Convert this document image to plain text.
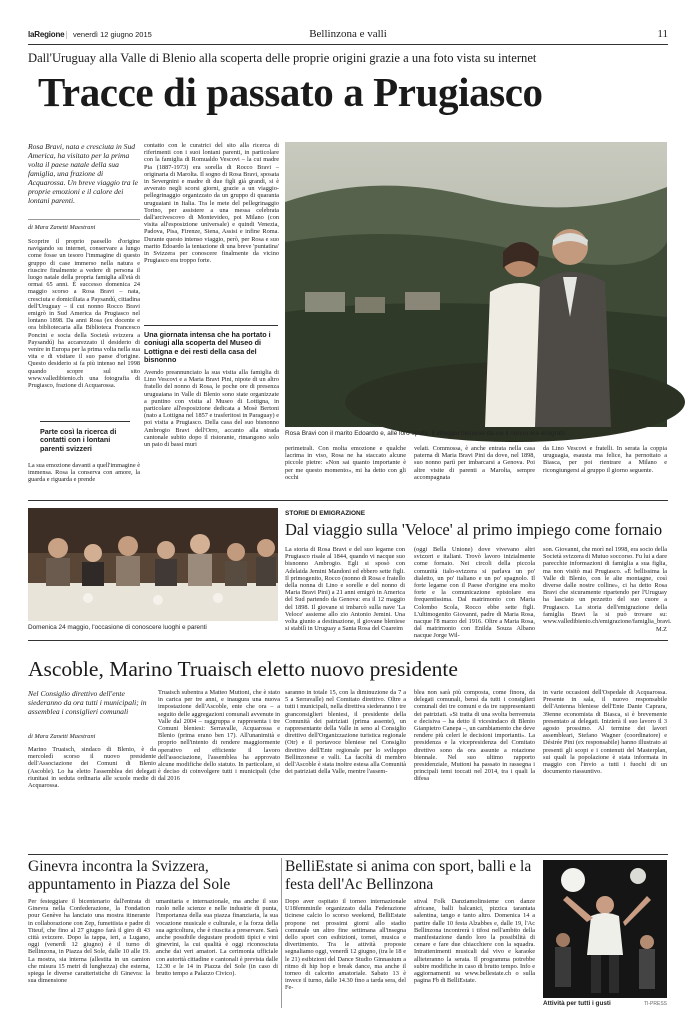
laRegione | venerdì 12 giugno 2015	Bellinzona e valli	11
Dall'Uruguay alla Valle di Blenio alla scoperta delle proprie origini grazie a una foto vista su internet
Tracce di passato a Prugiasco
Rosa Bravi, nata e cresciuta in Sud America, ha visitato per la prima volta il paese natale della sua famiglia, una frazione di Acquarossa. Un breve viaggio tra le proprie emozioni e il calore dei lontani parenti.
di Mara Zanetti Maestrani
Scoprire il proprio paesello d'origine navigando su internet, conservare a lungo come fosse un tesoro l'immagine di questo gruppo di case immerso nella natura e riuscire finalmente a vedere di persona il luogo natale della propria famiglia all'età di ormai 65 anni. È successo domenica 24 maggio scorso a Rosa Bravi – nata, cresciuta e domiciliata a Paysandú, cittadina dell'Uruguay – il cui nonno Rocco Bravi emigrò in Sud America da Prugiasco nel lontano 1898. Da anni Rosa (ex docente e ora bibliotecaria alla Biblioteca Francesco Poncini e socia della Società svizzera a Paysandú) ha accarezzato il desiderio di venire in Europa per la prima volta nella sua vita e di visitare il suo paese d'origine. Questo desiderio si fa più intenso nel 1998 quando scopre sul sito www.valledibienio.ch una fotografia di Prugiasco, frazione di Acquarossa.
Parte così la ricerca di contatti con i lontani parenti svizzeri
La sua emozione davanti a quell'immagine è immensa. Rosa la conserva con amore, la guarda e riguarda e prende
contatto con le curatrici del sito alla ricerca di riferimenti con i suoi lontani parenti, in particolare con la famiglia di Romualdo Vescovi – la cui madre Pia (1887-1973) era sorella di Rocco Bravi – originaria di Marolta. Il sogno di Rosa Bravi, sposata in Severgnini e madre di due figli già grandi, si è avverato negli scorsi giorni, grazie a un viaggio-pellegrinaggio organizzato da un gruppo di quaranta uruguaiani in Italia. Tra le mete del pellegrinaggio Torino, per assistere a una messa celebrata dall'arcivescovo di Montevideo, poi Milano (con visita all'esposizione universale) e quindi Venezia, Padova, Pisa, Firenze, Siena, Assisi e infine Roma. Durante questo intenso viaggio, però, per Rosa e suo marito Edoardo la tentazione di una breve 'puntatina' in Svizzera per conoscere finalmente da vicino Prugiasco era troppo forte.
Una giornata intensa che ha portato i coniugi alla scoperta del Museo di Lottigna e dei resti della casa del bisnonno
Avendo preannunciato la sua visita alla famiglia di Lino Vescovi e a Maria Bravi Pini, nipote di un altro fratello del nonno di Rosa, le poche ore di presenza uruguaiana in Valle di Blenio sono state organizzate a puntino con visita al Museo di Lottigna, in particolare all'esposizione dedicata a Mosè Bertoni (nato a Lottigna nel 1857 e trasferitosi in Paraguay) e poi visita a Prugiasco. Della casa del suo bisnonno Ambrogio Bravi dell'Orro, accanto alla strada cantonale subito dopo il ristorante, rimangono solo un paio di bassi muri
Rosa Bravi con il marito Edoardo e, alle loro spalle, il villaggio bleniese da cui il nonno era emigrato
perimetrali. Con molta emozione e qualche lacrima in viso, Rosa ne ha staccato alcune piccole pietre: «Non sai quanto importante è per me questo momento», mi ha detto con gli occhi
velati. Commossa, è anche entrata nella casa paterna di Maria Bravi Pini da dove, nel 1898, suo nonno partì per imbarcarsi a Genova. Poi altre visite di parenti a Marolta, sempre accompagnata
da Lino Vescovi e fratelli. In serata la coppia uruguagia, esausta ma felice, ha pernottato a Biasca, per poi rientrare a Milano e ricongiungersi al gruppo il giorno seguente.
Domenica 24 maggio, l'occasione di conoscere luoghi e parenti
STORIE DI EMIGRAZIONE
Dal viaggio sulla 'Veloce' al primo impiego come fornaio
La storia di Rosa Bravi e del suo legame con Prugiasco risale al 1844, quando vi nacque suo bisnonno Ambrogio. Egli si sposò con Adelaida Jemini Mandoni ed ebbero sette figli. Il primogenito, Rocco (nonno di Rosa e fratello della nonna di Lino e sorelle e del nonno di Maria Bravi Pini) a 21 anni emigrò in America del Sud partendo da Genova: era il 12 maggio del 1898. Il giovane si imbarcò sulla nave 'La Veloce' assieme allo zio Antonio Jemini. Una volta giunto a destinazione, il giovane bleniese si stabilì in Uruguay a Santa Rosa del Cuareim
(oggi Bella Unione) dove vivevano altri svizzeri e italiani. Trovò lavoro inizialmente come fornaio. Nei circoli della piccola comunità italo-svizzera si parlava un po' dialetto, un po' italiano e un po' spagnolo. Il forte legame con il Paese d'origine era molto forte e la comunicazione epistolare era frequentissima. Dal matrimonio con Maria Colombo Scola, Rocco ebbe sette figli. L'ultimogenito Giovanni, padre di Maria Rosa, nacque l'8 marzo del 1916. Oltre a Maria Rosa, dal matrimonio con Enilda Souza Albano nacque Jorge Wil-
son. Giovanni, che morì nel 1998, era socio della Società svizzera di Mutuo soccorso. Fu lui a dare parecchie informazioni di famiglia a sua figlia, ma non visitò mai Prugiasco. «È bellissima la Valle di Blenio, con le alte montagne, così diverse dalle nostre colline», ci ha detto Rosa Bravi che sicuramente ripartendo per l'Uruguay ha lasciato un pezzetto del suo cuore a Prugiasco. La storia dell'emigrazione della famiglia Bravi la si può trovare su: www.valledibienio.ch/emigrazione/famiglia_bravi.
M.Z
Ascoble, Marino Truaisch eletto nuovo presidente
Nel Consiglio direttivo dell'ente siederanno da ora tutti i municipali; in assemblea i consiglieri comunali
di Mara Zanetti Maestrani
Marino Truaisch, sindaco di Blenio, è da mercoledì scorso il nuovo presidente dell'Associazione dei Comuni di Blenio (Ascoble). Lo ha eletto l'assemblea dei delegati riunitasi in seduta ordinaria alle scuole medie di Acquarossa.
Truaisch subentra a Matteo Muttoni, che è stato in carica per tre anni, e inaugura una nuova impostazione dell'Ascoble, ente che ora – a seguito delle aggregazioni comunali avvenute in Valle dal 2004 – raggruppa e rappresenta i tre Comuni bleniesi: Serravalle, Acquarossa e Blenio (prima erano ben 17). All'unanimità e proprio nell'intento di rendere maggiormente operativo ed efficiente il lavoro dell'associazione, l'assemblea ha approvato alcune modifiche dello statuto. In particolare, si è deciso di coinvolgere tutti i municipali (che dal 2016
saranno in totale 15, con la diminuzione da 7 a 5 a Serravalle) nel Comitato direttivo. Oltre a tutti i municipali, nella direttiva siederanno i tre granconsiglieri bleniesi, il presidente della Comunità dei patriziati (prima assente), un rappresentante della Valle in seno al Consiglio direttivo dell'Organizzazione turistica regionale (Otr) e il portavoce bleniese nel Consiglio direttivo dell'Ente regionale per lo sviluppo Bellinzonese e valli. La facoltà di membro dell'Ascoble è stata inoltre estesa alla Comunità dei patriziati della Valle, mentre l'assem-
blea non sarà più composta, come finora, da delegati comunali, bensì da tutti i consiglieri comunali dei tre comuni e da tre rappresentanti dei patriziati. «Si tratta di una svolta benvenuta e decisiva – ha detto il vicesindaco di Blenio Gianpietro Canepa –, un cambiamento che deve rendere più celeri le decisioni importanti». La presidenza e la vicepresidenza del Comitato direttivo sono da ora assunte a rotazione biennale. Nel suo ultimo rapporto presidenziale, Muttoni ha passato in rassegna i principali temi toccati nel 2014, tra i quali la difesa
in varie occasioni dell'Ospedale di Acquarossa. Presente in sala, il nuovo responsabile dell'Antenna bleniese dell'Ente Dante Caprara, 39enne economista di Biasca, si è brevemente presentato ai delegati. Inizierà il suo lavoro il 3 agosto prossimo. Al termine dei lavori assembleari, Stefano Wagner (coordinatore) e Désirée Pini (ex responsabile) hanno illustrato ai presenti gli scopi e i contenuti del Masterplan, sui quali la popolazione è stata informata in maggio con l'invio a tutti i fuochi di un documento riassuntivo.
Ginevra incontra la Svizzera, appuntamento in Piazza del Sole
Per festeggiare il bicentenario dall'entrata di Ginevra nella Confederazione, la Fondation pour Genève ha lanciato una mostra itinerante in collaborazione con Zep, fumettista e padre di Titeuf, che fino al 27 giugno farà il giro di 43 città svizzere. Dopo la tappa, ieri, a Lugano, oggi (venerdì 12 giugno) è il turno di Bellinzona, in Piazza del Sole, dalle 10 alle 19. La mostra, sia interna (allestita in un camion che misura 15 metri di lunghezza) che esterna, spiega le diverse caratteristiche di Ginevra: la sua dimensione
umanitaria e internazionale, ma anche il suo ruolo nelle scienze e nelle industrie di punta, l'importanza della sua piazza finanziaria, la sua vocazione musicale e culturale, e la forza della sua agricoltura, che è riuscita a preservare. Sarà anche possibile degustare prodotti tipici e vini ginevrini, la cui qualità è oggi riconosciuta anche dai veri amatori. La cerimonia ufficiale con autorità cittadine e cantonali è prevista dalle 12.30 e le 14 in Piazza del Sole (in caso di brutto tempo a Palazzo Civico).
BelliEstate si anima con sport, balli e la festa dell'Ac Bellinzona
Dopo aver ospitato il torneo internazionale U18femminile organizzato dalla Federazione ticinese calcio lo scorso weekend, BelliEstate propone nei prossimi giorni allo stadio comunale un altro fine settimana all'insegna dello sport con esibizioni, tornei, musica e divertimento. Tra le attività proposte segnaliamo oggi, venerdì 12 giugno, (tra le 18 e le 21) esibizioni del Dance Studio Ginnasium a ritmo di hip hop e break dance, ma anche il torneo di calcetto amatoriale. Sabato 13 è invece il turno, dalle 14.30 fino a tarda sera, del Fe-
stival Folk Danziamolinsieme con danze africane, balli balcanici, pizzica tarantata salentina, tango e tanto altro. Domenica 14 a partire dalle 10 festa Alzabbes e, dalle 19, l'Ac Bellinzona incontrerà i tifosi nell'ambito della manifestazione dando loro la possibilità di cenare e fare due chiacchiere con la squadra. Intrattenimenti musicali dal vivo e karaoke allieteranno la serata. Il programma potrebbe subire modifiche in caso di brutto tempo. Info e aggiornamenti su www.bellestate.ch o sulla pagina Fb di BelliEstate.
Attività per tutti i gusti	TI-PRESS
